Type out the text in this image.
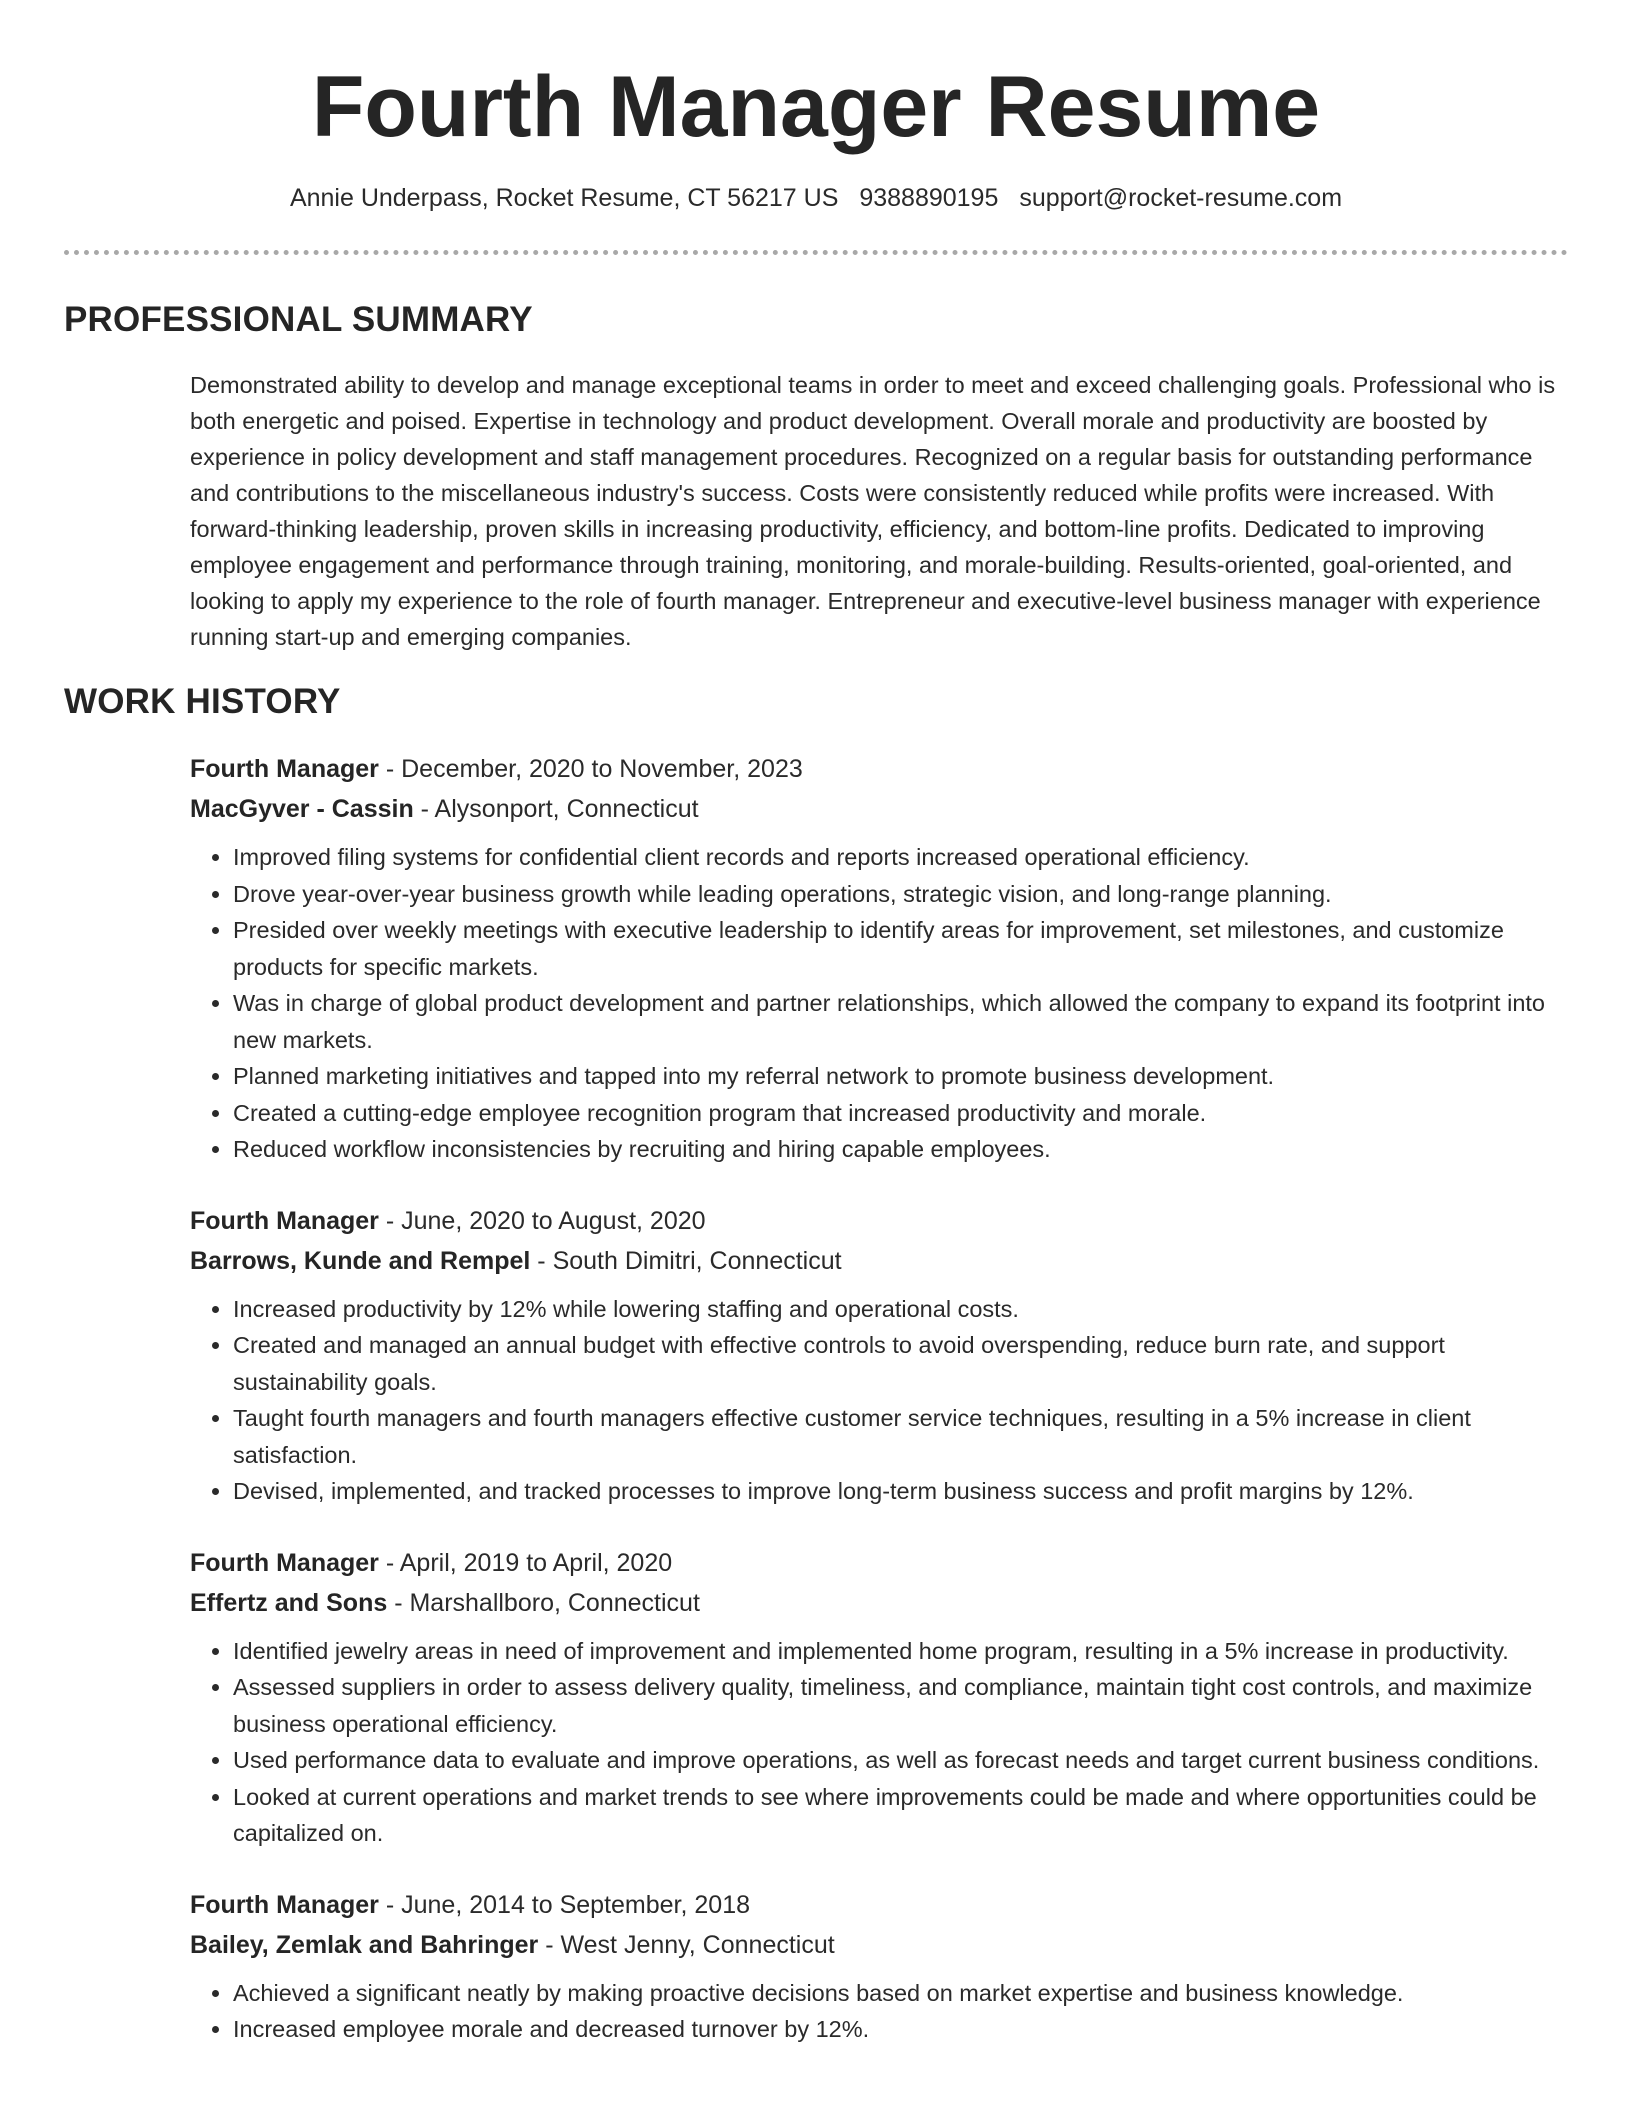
Fourth Manager Resume
Annie Underpass, Rocket Resume, CT 56217 US 9388890195 support@rocket-resume.com
PROFESSIONAL SUMMARY

Demonstrated ability to develop and manage exceptional teams in order to meet and exceed challenging goals. Professional who is both energetic and poised. Expertise in technology and product development. Overall morale and productivity are boosted by experience in policy development and staff management procedures. Recognized on a regular basis for outstanding performance and contributions to the miscellaneous industry's success. Costs were consistently reduced while profits were increased. With forward-thinking leadership, proven skills in increasing productivity, efficiency, and bottom-line profits. Dedicated to improving employee engagement and performance through training, monitoring, and morale-building. Results-oriented, goal-oriented, and looking to apply my experience to the role of fourth manager. Entrepreneur and executive-level business manager with experience running start-up and emerging companies.

WORK HISTORY
Fourth Manager - December, 2020 to November, 2023
MacGyver - Cassin - Alysonport, Connecticut
• Improved filing systems for confidential client records and reports increased operational efficiency.
• Drove year-over-year business growth while leading operations, strategic vision, and long-range planning.
• Presided over weekly meetings with executive leadership to identify areas for improvement, set milestones, and customize products for specific markets.
• Was in charge of global product development and partner relationships, which allowed the company to expand its footprint into new markets.
• Planned marketing initiatives and tapped into my referral network to promote business development.
• Created a cutting-edge employee recognition program that increased productivity and morale.
• Reduced workflow inconsistencies by recruiting and hiring capable employees.
Fourth Manager - June, 2020 to August, 2020
Barrows, Kunde and Rempel - South Dimitri, Connecticut
• Increased productivity by 12% while lowering staffing and operational costs.
• Created and managed an annual budget with effective controls to avoid overspending, reduce burn rate, and support sustainability goals.
• Taught fourth managers and fourth managers effective customer service techniques, resulting in a 5% increase in client satisfaction.
• Devised, implemented, and tracked processes to improve long-term business success and profit margins by 12%.
Fourth Manager - April, 2019 to April, 2020
Effertz and Sons - Marshallboro, Connecticut
• Identified jewelry areas in need of improvement and implemented home program, resulting in a 5% increase in productivity.
• Assessed suppliers in order to assess delivery quality, timeliness, and compliance, maintain tight cost controls, and maximize business operational efficiency.
• Used performance data to evaluate and improve operations, as well as forecast needs and target current business conditions.
• Looked at current operations and market trends to see where improvements could be made and where opportunities could be capitalized on.
Fourth Manager - June, 2014 to September, 2018
Bailey, Zemlak and Bahringer - West Jenny, Connecticut
• Achieved a significant neatly by making proactive decisions based on market expertise and business knowledge.
• Increased employee morale and decreased turnover by 12%.
